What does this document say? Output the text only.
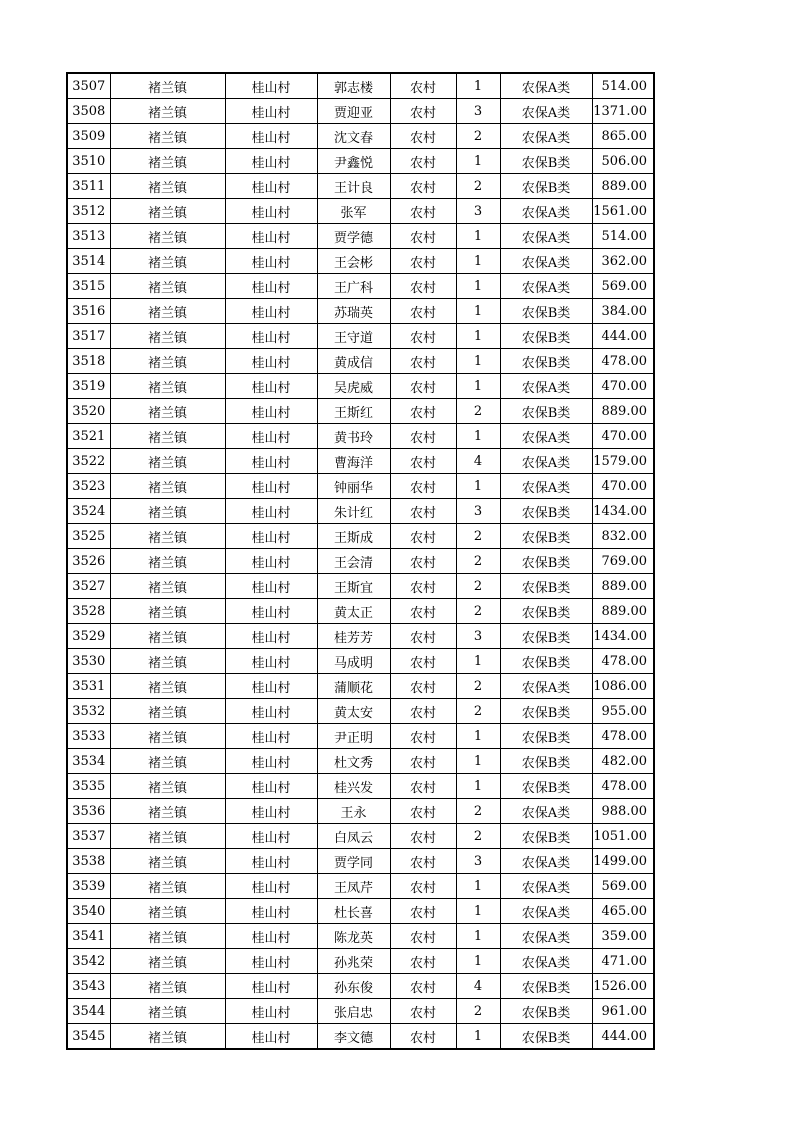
3507	褚兰镇	桂山村	郭志楼	农村	1	农保A类	514.00
3508	褚兰镇	桂山村	贾迎亚	农村	3	农保A类	1371.00
3509	褚兰镇	桂山村	沈文春	农村	2	农保A类	865.00
3510	褚兰镇	桂山村	尹鑫悦	农村	1	农保B类	506.00
3511	褚兰镇	桂山村	王计良	农村	2	农保B类	889.00
3512	褚兰镇	桂山村	张军	农村	3	农保A类	1561.00
3513	褚兰镇	桂山村	贾学德	农村	1	农保A类	514.00
3514	褚兰镇	桂山村	王会彬	农村	1	农保A类	362.00
3515	褚兰镇	桂山村	王广科	农村	1	农保A类	569.00
3516	褚兰镇	桂山村	苏瑞英	农村	1	农保B类	384.00
3517	褚兰镇	桂山村	王守道	农村	1	农保B类	444.00
3518	褚兰镇	桂山村	黄成信	农村	1	农保B类	478.00
3519	褚兰镇	桂山村	吴虎威	农村	1	农保A类	470.00
3520	褚兰镇	桂山村	王斯红	农村	2	农保B类	889.00
3521	褚兰镇	桂山村	黄书玲	农村	1	农保A类	470.00
3522	褚兰镇	桂山村	曹海洋	农村	4	农保A类	1579.00
3523	褚兰镇	桂山村	钟丽华	农村	1	农保A类	470.00
3524	褚兰镇	桂山村	朱计红	农村	3	农保B类	1434.00
3525	褚兰镇	桂山村	王斯成	农村	2	农保B类	832.00
3526	褚兰镇	桂山村	王会清	农村	2	农保B类	769.00
3527	褚兰镇	桂山村	王斯宜	农村	2	农保B类	889.00
3528	褚兰镇	桂山村	黄太正	农村	2	农保B类	889.00
3529	褚兰镇	桂山村	桂芳芳	农村	3	农保B类	1434.00
3530	褚兰镇	桂山村	马成明	农村	1	农保B类	478.00
3531	褚兰镇	桂山村	蒲顺花	农村	2	农保A类	1086.00
3532	褚兰镇	桂山村	黄太安	农村	2	农保B类	955.00
3533	褚兰镇	桂山村	尹正明	农村	1	农保B类	478.00
3534	褚兰镇	桂山村	杜文秀	农村	1	农保B类	482.00
3535	褚兰镇	桂山村	桂兴发	农村	1	农保B类	478.00
3536	褚兰镇	桂山村	王永	农村	2	农保A类	988.00
3537	褚兰镇	桂山村	白凤云	农村	2	农保B类	1051.00
3538	褚兰镇	桂山村	贾学同	农村	3	农保A类	1499.00
3539	褚兰镇	桂山村	王凤芹	农村	1	农保A类	569.00
3540	褚兰镇	桂山村	杜长喜	农村	1	农保A类	465.00
3541	褚兰镇	桂山村	陈龙英	农村	1	农保A类	359.00
3542	褚兰镇	桂山村	孙兆荣	农村	1	农保A类	471.00
3543	褚兰镇	桂山村	孙东俊	农村	4	农保B类	1526.00
3544	褚兰镇	桂山村	张启忠	农村	2	农保B类	961.00
3545	褚兰镇	桂山村	李文德	农村	1	农保B类	444.00
